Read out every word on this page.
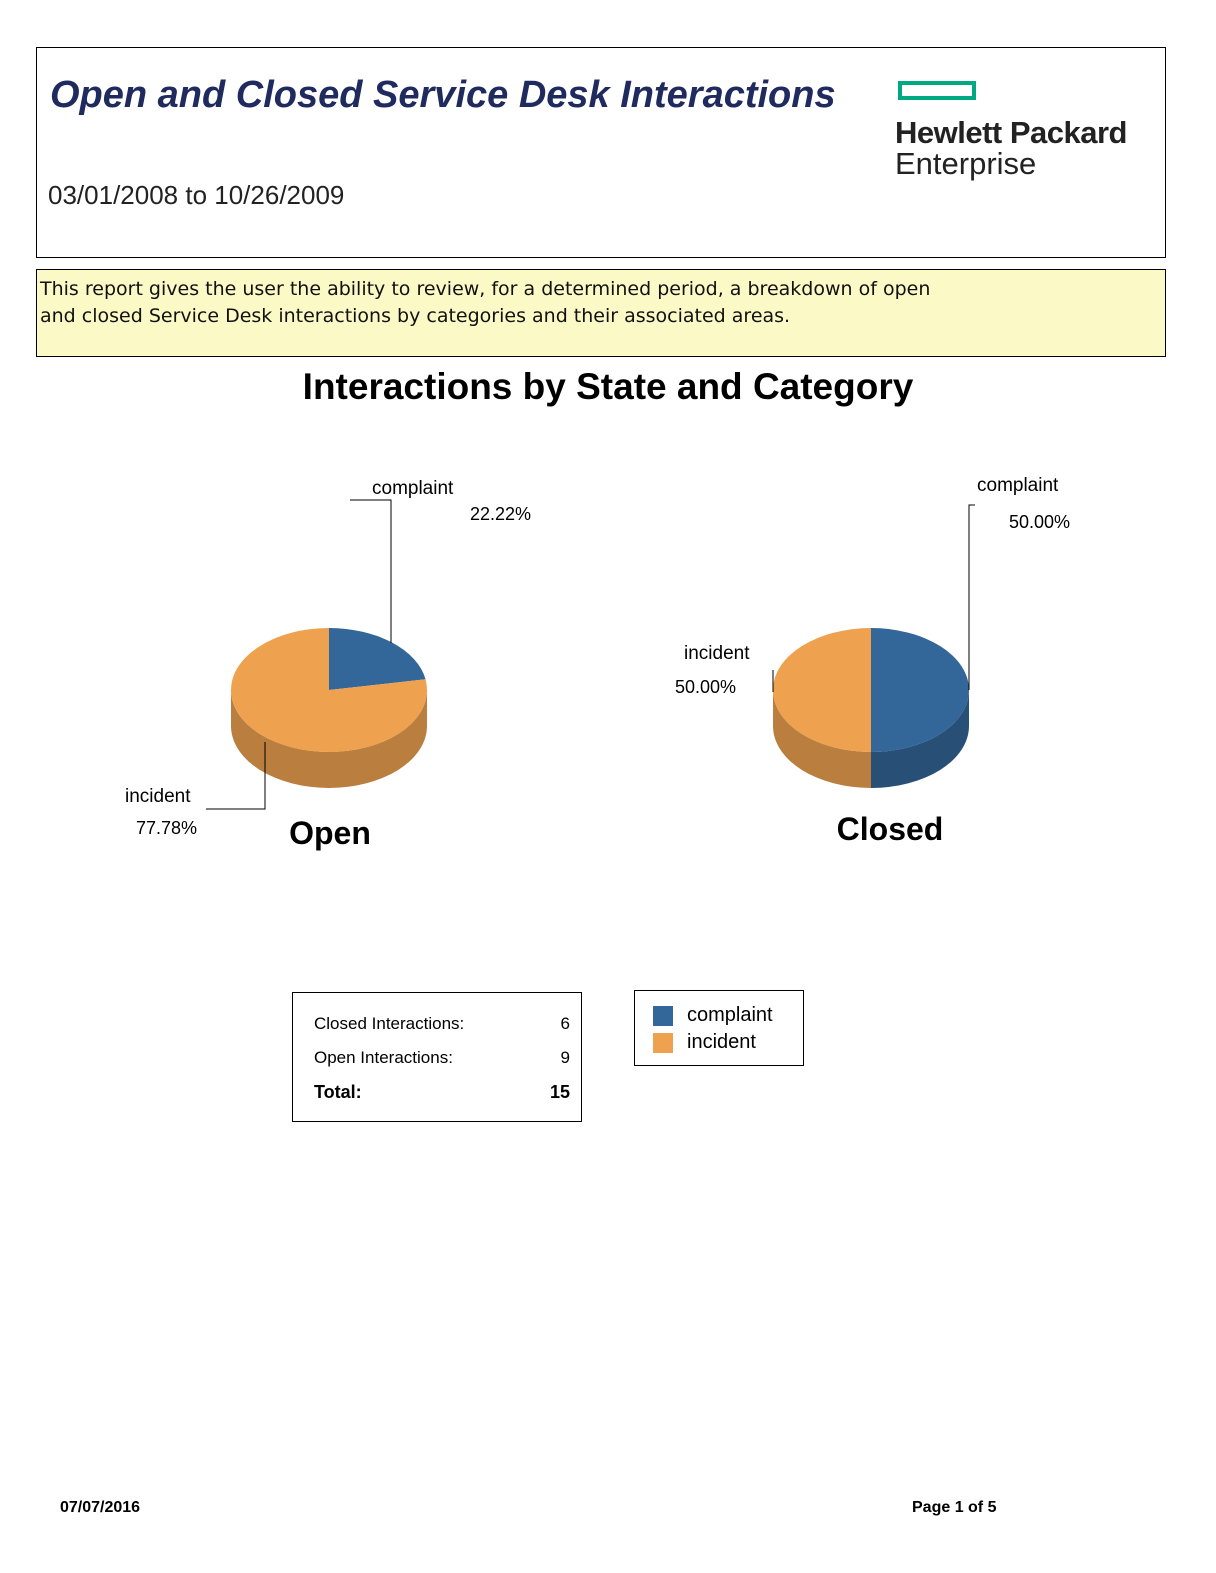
Open and Closed Service Desk Interactions
03/01/2008 to 10/26/2009
Hewlett Packard
Enterprise
This report gives the user the ability to review, for a determined period, a breakdown of open and closed Service Desk interactions by categories and their associated areas.
Interactions by State and Category
complaint
22.22%
incident
77.78%	Open
complaint
50.00%
incident
50.00%
Closed
Closed Interactions:	6
Open Interactions:	9
Total:	15
complaint
incident
07/07/2016	Page 1 of 5
